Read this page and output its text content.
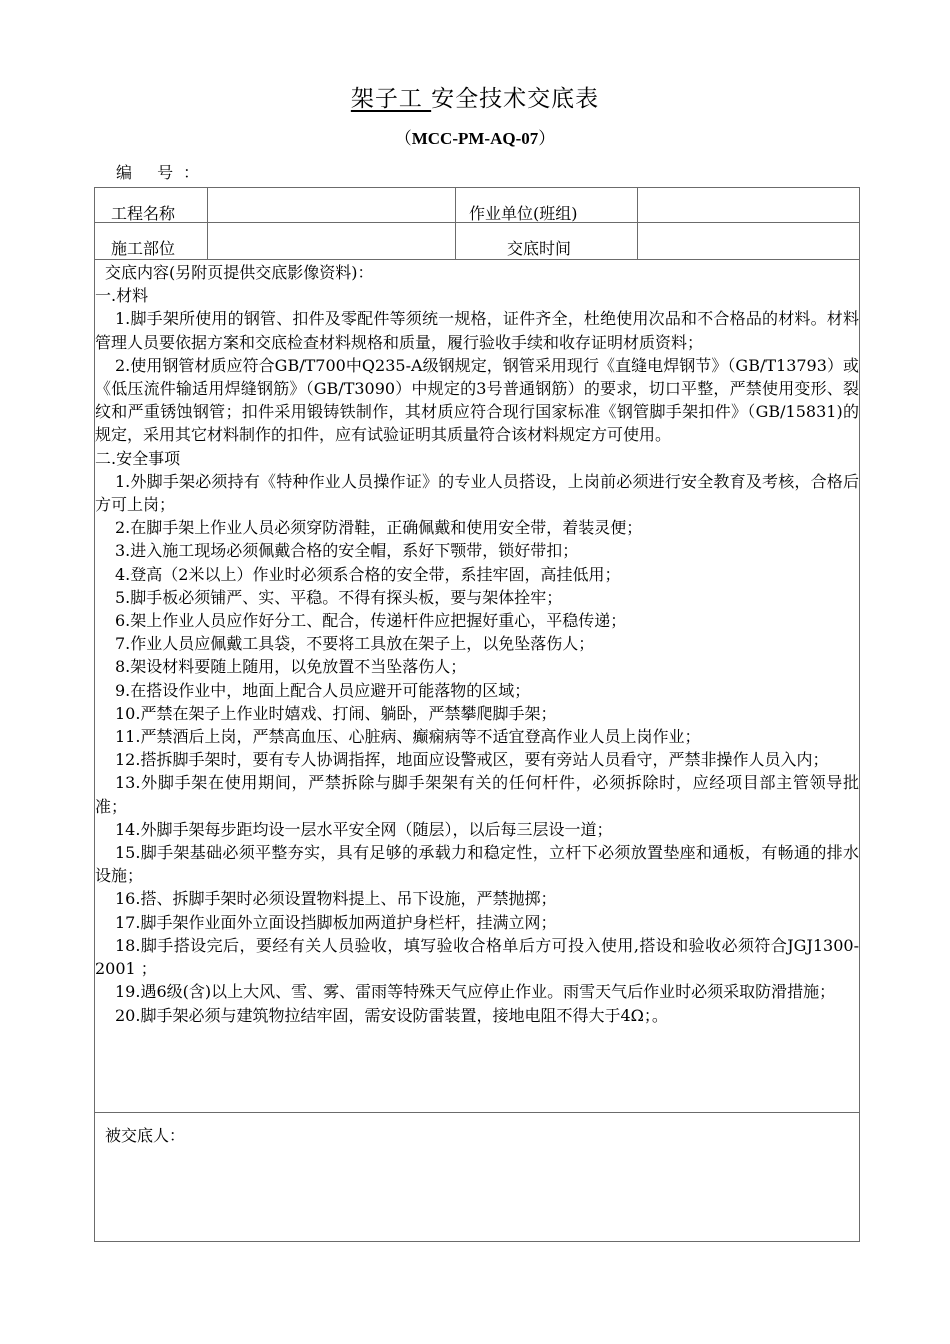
架子工 安全技术交底表
（MCC-PM-AQ-07）
编 号：
工程名称	作业单位(班组)
施工部位	交底时间

交底内容(另附页提供交底影像资料)：

一.材料

1.脚手架所使用的钢管、扣件及零配件等须统一规格，证件齐全，杜绝使用次品和不合格品的材料。材料管理人员要依据方案和交底检查材料规格和质量，履行验收手续和收存证明材质资料；

2.使用钢管材质应符合GB/T700中Q235-A级钢规定，钢管采用现行《直缝电焊钢节》（GB/T13793）或《低压流件输适用焊缝钢筋》（GB/T3090）中规定的3号普通钢筋）的要求，切口平整，严禁使用变形、裂纹和严重锈蚀钢管；扣件采用锻铸铁制作，其材质应符合现行国家标准《钢管脚手架扣件》（GB/15831)的规定，采用其它材料制作的扣件，应有试验证明其质量符合该材料规定方可使用。

二.安全事项

1.外脚手架必须持有《特种作业人员操作证》的专业人员搭设，上岗前必须进行安全教育及考核，合格后方可上岗；

2.在脚手架上作业人员必须穿防滑鞋，正确佩戴和使用安全带，着装灵便；

3.进入施工现场必须佩戴合格的安全帽，系好下颚带，锁好带扣；

4.登高（2米以上）作业时必须系合格的安全带，系挂牢固，高挂低用；

5.脚手板必须铺严、实、平稳。不得有探头板，要与架体拴牢；

6.架上作业人员应作好分工、配合，传递杆件应把握好重心，平稳传递；

7.作业人员应佩戴工具袋，不要将工具放在架子上，以免坠落伤人；

8.架设材料要随上随用，以免放置不当坠落伤人；

9.在搭设作业中，地面上配合人员应避开可能落物的区域；

10.严禁在架子上作业时嬉戏、打闹、躺卧，严禁攀爬脚手架；

11.严禁酒后上岗，严禁高血压、心脏病、癫痫病等不适宜登高作业人员上岗作业；

12.搭拆脚手架时，要有专人协调指挥，地面应设警戒区，要有旁站人员看守，严禁非操作人员入内；

13.外脚手架在使用期间，严禁拆除与脚手架架有关的任何杆件，必须拆除时，应经项目部主管领导批准；

14.外脚手架每步距均设一层水平安全网（随层），以后每三层设一道；

15.脚手架基础必须平整夯实，具有足够的承载力和稳定性，立杆下必须放置垫座和通板，有畅通的排水设施；

16.搭、拆脚手架时必须设置物料提上、吊下设施，严禁抛掷；

17.脚手架作业面外立面设挡脚板加两道护身栏杆，挂满立网；

18.脚手搭设完后，要经有关人员验收，填写验收合格单后方可投入使用,搭设和验收必须符合JGJ1300-2001 ；

19.遇6级(含)以上大风、雪、雾、雷雨等特殊天气应停止作业。雨雪天气后作业时必须采取防滑措施；

20.脚手架必须与建筑物拉结牢固，需安设防雷装置，接地电阻不得大于4Ω；。

被交底人：
